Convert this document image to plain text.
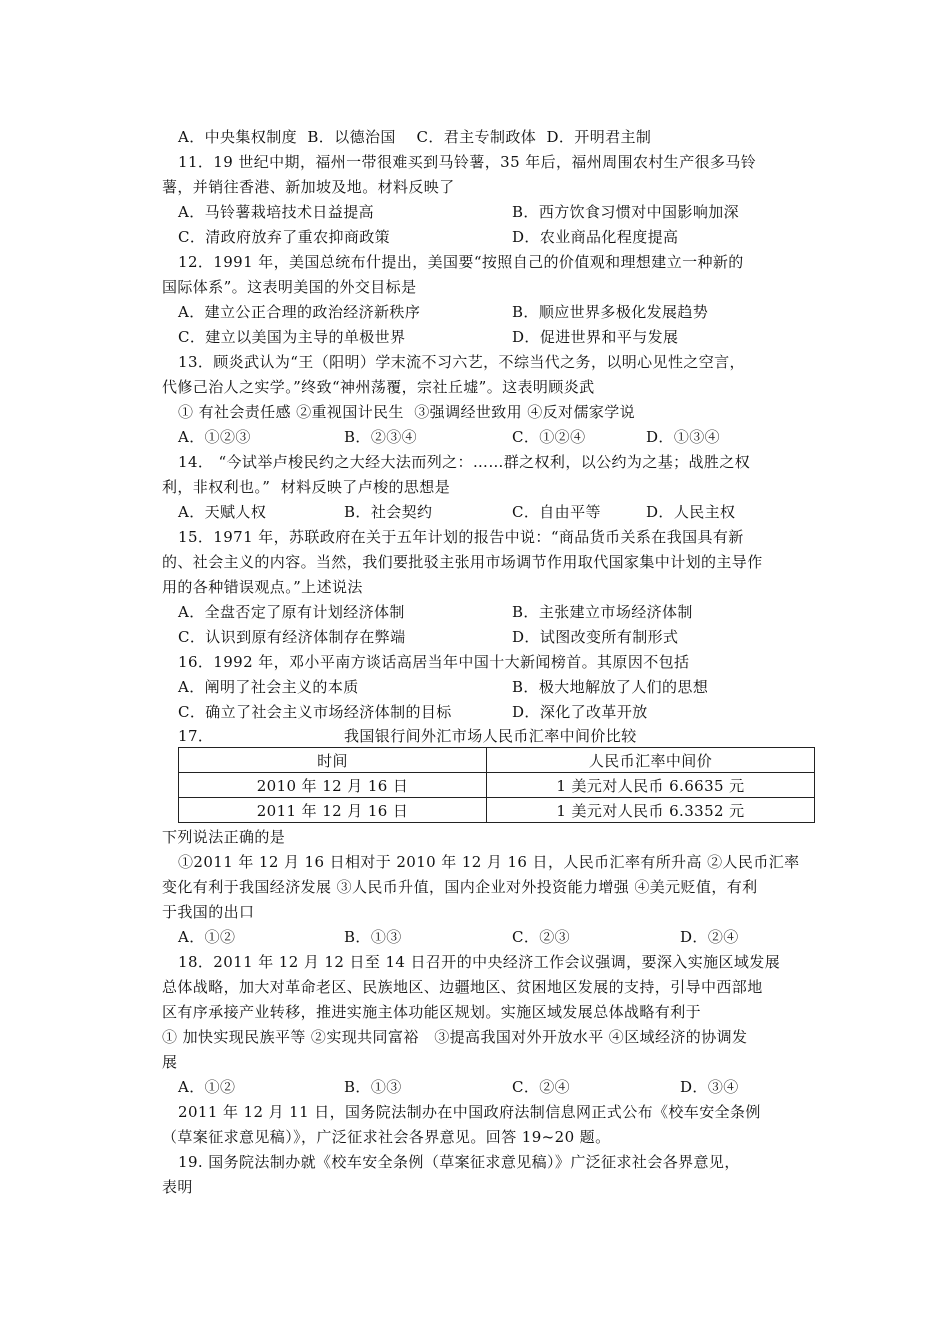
A．中央集权制度  B．以德治国    C．君主专制政体  D．开明君主制
11．19 世纪中期，福州一带很难买到马铃薯，35 年后，福州周围农村生产很多马铃
薯，并销往香港、新加坡及地。材料反映了
A．马铃薯栽培技术日益提高	B．西方饮食习惯对中国影响加深
C．清政府放弃了重农抑商政策	D．农业商品化程度提高
12．1991 年，美国总统布什提出，美国要“按照自己的价值观和理想建立一种新的
国际体系”。这表明美国的外交目标是
A．建立公正合理的政治经济新秩序	B．顺应世界多极化发展趋势
C．建立以美国为主导的单极世界	D．促进世界和平与发展
13．顾炎武认为“王（阳明）学末流不习六艺，不综当代之务，以明心见性之空言，
代修己治人之实学。”终致“神州荡覆，宗社丘墟”。这表明顾炎武
① 有社会责任感 ②重视国计民生  ③强调经世致用 ④反对儒家学说
A．①②③	B．②③④	C．①②④	D．①③④
14． “今试举卢梭民约之大经大法而列之：……群之权利，以公约为之基；战胜之权
利，非权利也。”  材料反映了卢梭的思想是
A．天赋人权	B．社会契约	C．自由平等	D．人民主权
15．1971 年，苏联政府在关于五年计划的报告中说：“商品货币关系在我国具有新
的、社会主义的内容。当然，我们要批驳主张用市场调节作用取代国家集中计划的主导作
用的各种错误观点。”上述说法
A．全盘否定了原有计划经济体制	B．主张建立市场经济体制
C．认识到原有经济体制存在弊端	D．试图改变所有制形式
16．1992 年，邓小平南方谈话高居当年中国十大新闻榜首。其原因不包括
A．阐明了社会主义的本质	B．极大地解放了人们的思想
C．确立了社会主义市场经济体制的目标	D．深化了改革开放
17．	我国银行间外汇市场人民币汇率中间价比较
时间	人民币汇率中间价
2010 年 12 月 16 日	1 美元对人民币 6.6635 元
2011 年 12 月 16 日	1 美元对人民币 6.3352 元
下列说法正确的是
①2011 年 12 月 16 日相对于 2010 年 12 月 16 日，人民币汇率有所升高 ②人民币汇率
变化有利于我国经济发展 ③人民币升值，国内企业对外投资能力增强 ④美元贬值，有利
于我国的出口
A．①②	B．①③	C．②③	D．②④
18．2011 年 12 月 12 日至 14 日召开的中央经济工作会议强调，要深入实施区域发展
总体战略，加大对革命老区、民族地区、边疆地区、贫困地区发展的支持，引导中西部地
区有序承接产业转移，推进实施主体功能区规划。实施区域发展总体战略有利于
① 加快实现民族平等 ②实现共同富裕   ③提高我国对外开放水平 ④区域经济的协调发
展
A．①②	B．①③	C．②④	D．③④
2011 年 12 月 11 日，国务院法制办在中国政府法制信息网正式公布《校车安全条例
（草案征求意见稿）》，广泛征求社会各界意见。回答 19~20 题。
19. 国务院法制办就《校车安全条例（草案征求意见稿）》广泛征求社会各界意见，
表明
